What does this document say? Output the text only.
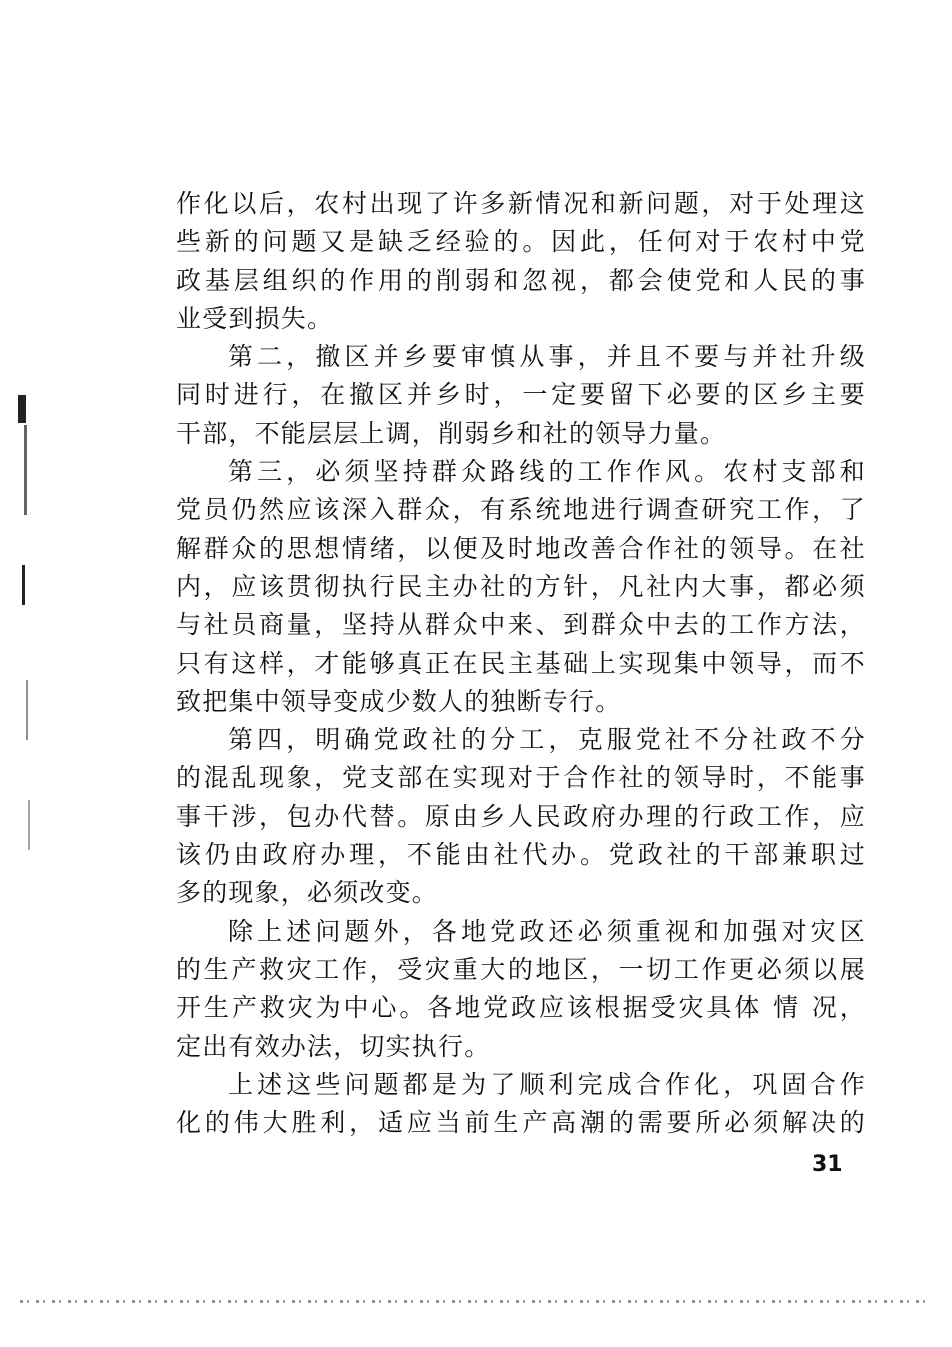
作化以后，农村出现了许多新情况和新问题，对于处理这
些新的问题又是缺乏经验的。因此，任何对于农村中党
政基层组织的作用的削弱和忽视，都会使党和人民的事
业受到损失。
第二，撤区并乡要审慎从事，并且不要与并社升级
同时进行，在撤区并乡时，一定要留下必要的区乡主要
干部，不能层层上调，削弱乡和社的领导力量。
第三，必须坚持群众路线的工作作风。农村支部和
党员仍然应该深入群众，有系统地进行调查研究工作，了
解群众的思想情绪，以便及时地改善合作社的领导。在社
内，应该贯彻执行民主办社的方针，凡社内大事，都必须
与社员商量，坚持从群众中来、到群众中去的工作方法，
只有这样，才能够真正在民主基础上实现集中领导，而不
致把集中领导变成少数人的独断专行。
第四，明确党政社的分工，克服党社不分社政不分
的混乱现象，党支部在实现对于合作社的领导时，不能事
事干涉，包办代替。原由乡人民政府办理的行政工作，应
该仍由政府办理，不能由社代办。党政社的干部兼职过
多的现象，必须改变。
除上述问题外，各地党政还必须重视和加强对灾区
的生产救灾工作，受灾重大的地区，一切工作更必须以展
开生产救灾为中心。各地党政应该根据受灾具体 情 况，
定出有效办法，切实执行。
上述这些问题都是为了顺利完成合作化，巩固合作
化的伟大胜利，适应当前生产高潮的需要所必须解决的
31
